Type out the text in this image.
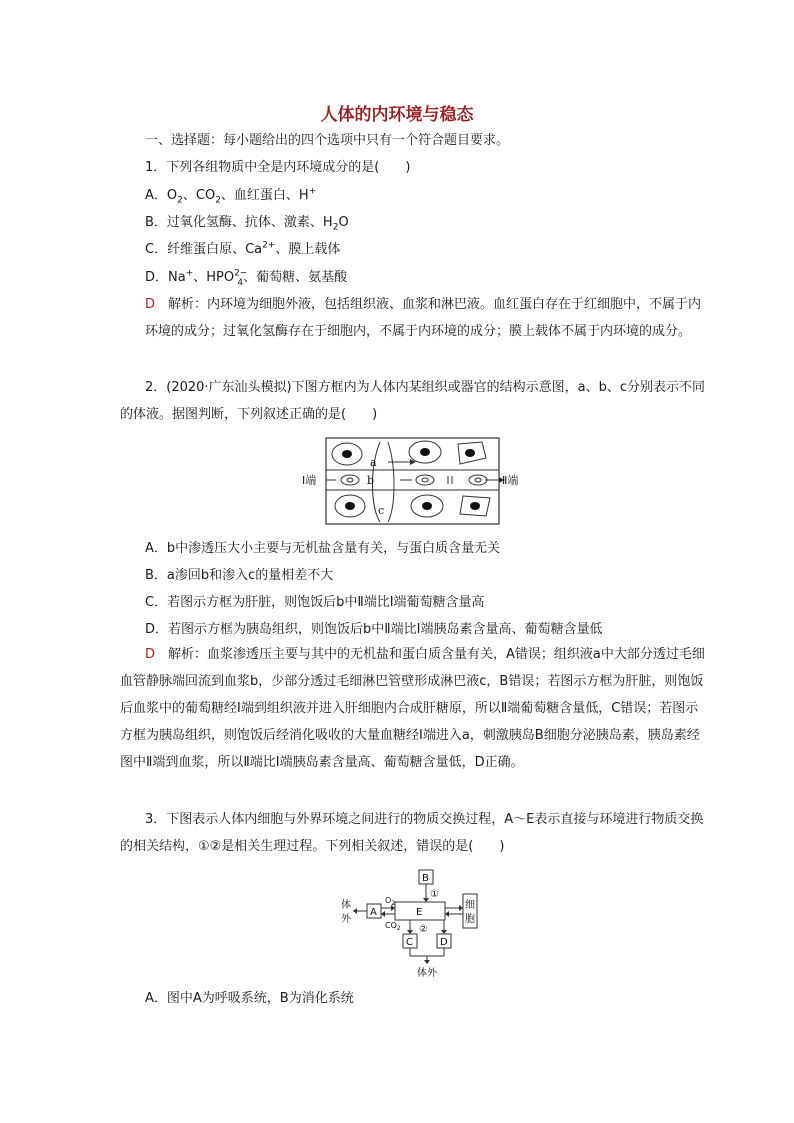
人体的内环境与稳态
一、选择题：每小题给出的四个选项中只有一个符合题目要求。
1．下列各组物质中全是内环境成分的是(　　)
A．$O_2$、$CO_2$、血红蛋白、H+
B．过氧化氢酶、抗体、激素、$H_2O$
C．纤维蛋白原、$Ca^{2+}$、膜上载体
D．Na+、$HPO^{2-}_4$、葡萄糖、氨基酸

D　 解析：内环境为细胞外液，包括组织液、血浆和淋巴液。血红蛋白存在于红细胞中，不属于内环境的成分；过氧化氢酶存在于细胞内，不属于内环境的成分；膜上载体不属于内环境的成分。

2．(2020·广东汕头模拟)下图方框内为人体内某组织或器官的结构示意图，a、b、c分别表示不同的体液。据图判断，下列叙述正确的是(　　)

a
b
c
Ⅰ端	Ⅱ端
A．b中渗透压大小主要与无机盐含量有关，与蛋白质含量无关
B．a渗回b和渗入c的量相差不大
C．若图示方框为肝脏，则饱饭后b中Ⅱ端比Ⅰ端葡萄糖含量高
D．若图示方框为胰岛组织，则饱饭后b中Ⅱ端比Ⅰ端胰岛素含量高、葡萄糖含量低

D　 解析：血浆渗透压主要与其中的无机盐和蛋白质含量有关，A错误；组织液a中大部分透过毛细血管静脉端回流到血浆b，少部分透过毛细淋巴管壁形成淋巴液c，B错误；若图示方框为肝脏，则饱饭后血浆中的葡萄糖经Ⅰ端到组织液并进入肝细胞内合成肝糖原，所以Ⅱ端葡萄糖含量低，C错误；若图示方框为胰岛组织，则饱饭后经消化吸收的大量血糖经Ⅰ端进入a，刺激胰岛B细胞分泌胰岛素，胰岛素经图中Ⅱ端到血浆，所以Ⅱ端比Ⅰ端胰岛素含量高、葡萄糖含量低，D正确。

3．下图表示人体内细胞与外界环境之间进行的物质交换过程，A～E表示直接与环境进行物质交换的相关结构，①②是相关生理过程。下列相关叙述，错误的是(　　)

B
E
A
C	D
细
胞
①
$O_2$
$CO_2$
体
外
②
体外
A．图中A为呼吸系统，B为消化系统
